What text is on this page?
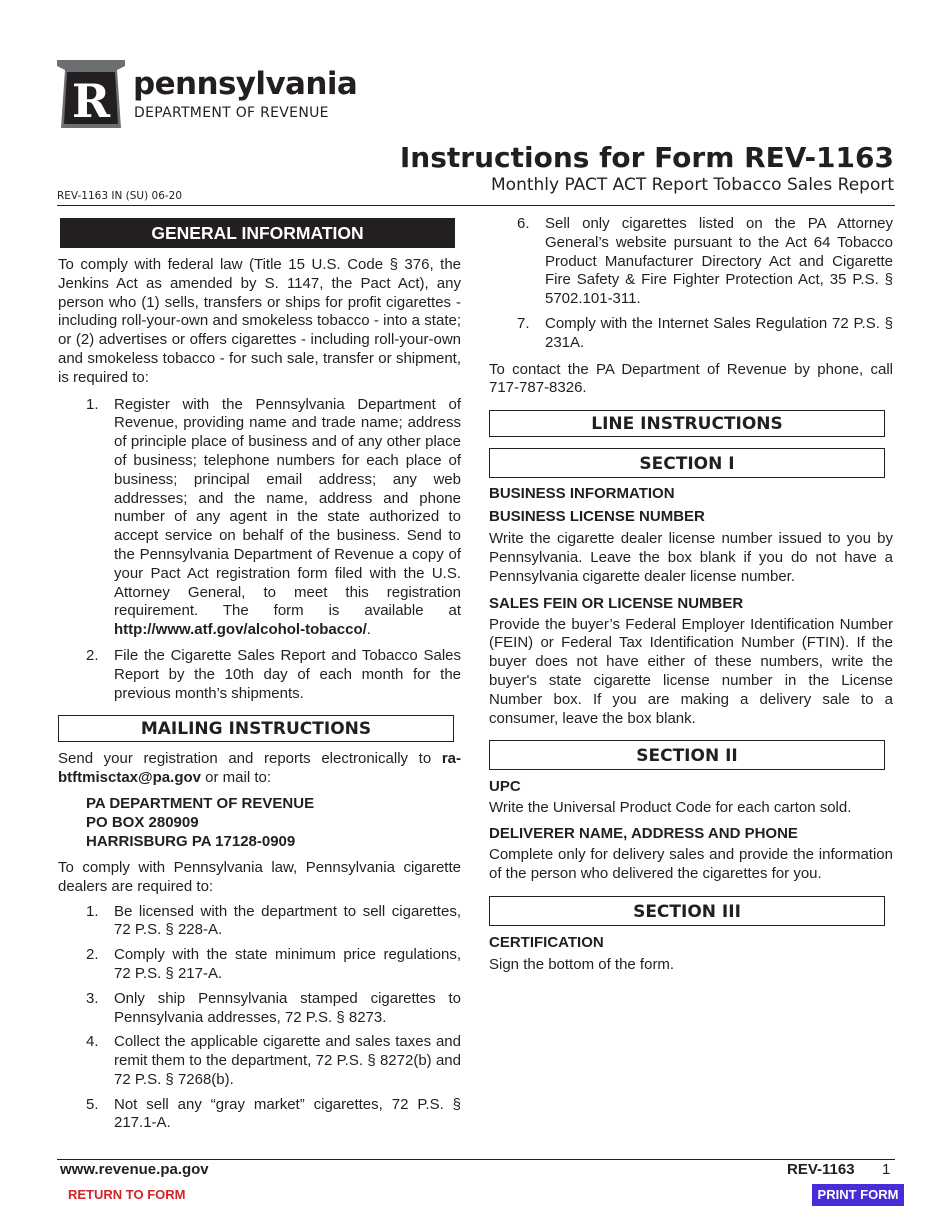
R pennsylvania
DEPARTMENT OF REVENUE
Instructions for Form REV-1163
Monthly PACT ACT Report Tobacco Sales Report
REV-1163 IN (SU) 06-20
GENERAL INFORMATION

To comply with federal law (Title 15 U.S. Code § 376, the Jenkins Act as amended by S. 1147, the Pact Act), any person who (1) sells, transfers or ships for profit cigarettes - including roll-your-own and smokeless tobacco - into a state; or (2) advertises or offers cigarettes - including roll-your-own and smokeless tobacco - for such sale, transfer or shipment, is required to:

1. Register with the Pennsylvania Department of Revenue, providing name and trade name; address of principle place of business and of any other place of business; telephone numbers for each place of business; principal email address; any web addresses; and the name, address and phone number of any agent in the state authorized to accept service on behalf of the business. Send to the Pennsylvania Department of Revenue a copy of your Pact Act registration form filed with the U.S. Attorney General, to meet this registration requirement. The form is available at http://www.atf.gov/alcohol-tobacco/.
2. File the Cigarette Sales Report and Tobacco Sales Report by the 10th day of each month for the previous month’s shipments.
MAILING INSTRUCTIONS

Send your registration and reports electronically to ra-btftmisctax@pa.gov or mail to:

PA DEPARTMENT OF REVENUE
PO BOX 280909
HARRISBURG PA 17128-0909

To comply with Pennsylvania law, Pennsylvania cigarette dealers are required to:

1. Be licensed with the department to sell cigarettes, 72 P.S. § 228-A.
2. Comply with the state minimum price regulations, 72 P.S. § 217-A.
3. Only ship Pennsylvania stamped cigarettes to Pennsylvania addresses, 72 P.S. § 8273.
4. Collect the applicable cigarette and sales taxes and remit them to the department, 72 P.S. § 8272(b) and 72 P.S. § 7268(b).
5. Not sell any “gray market” cigarettes, 72 P.S. § 217.1-A.
6. Sell only cigarettes listed on the PA Attorney General’s website pursuant to the Act 64 Tobacco Product Manufacturer Directory Act and Cigarette Fire Safety & Fire Fighter Protection Act, 35 P.S. § 5702.101-311.
7. Comply with the Internet Sales Regulation 72 P.S. § 231A.

To contact the PA Department of Revenue by phone, call 717-787-8326.

LINE INSTRUCTIONS
SECTION I
BUSINESS INFORMATION
BUSINESS LICENSE NUMBER

Write the cigarette dealer license number issued to you by Pennsylvania. Leave the box blank if you do not have a Pennsylvania cigarette dealer license number.

SALES FEIN OR LICENSE NUMBER

Provide the buyer’s Federal Employer Identification Number (FEIN) or Federal Tax Identification Number (FTIN). If the buyer does not have either of these numbers, write the buyer's state cigarette license number in the License Number box. If you are making a delivery sale to a consumer, leave the box blank.

SECTION II
UPC

Write the Universal Product Code for each carton sold.

DELIVERER NAME, ADDRESS AND PHONE

Complete only for delivery sales and provide the information of the person who delivered the cigarettes for you.

SECTION III
CERTIFICATION

Sign the bottom of the form.

www.revenue.pa.gov	REV-1163 1
RETURN TO FORM	PRINT FORM
